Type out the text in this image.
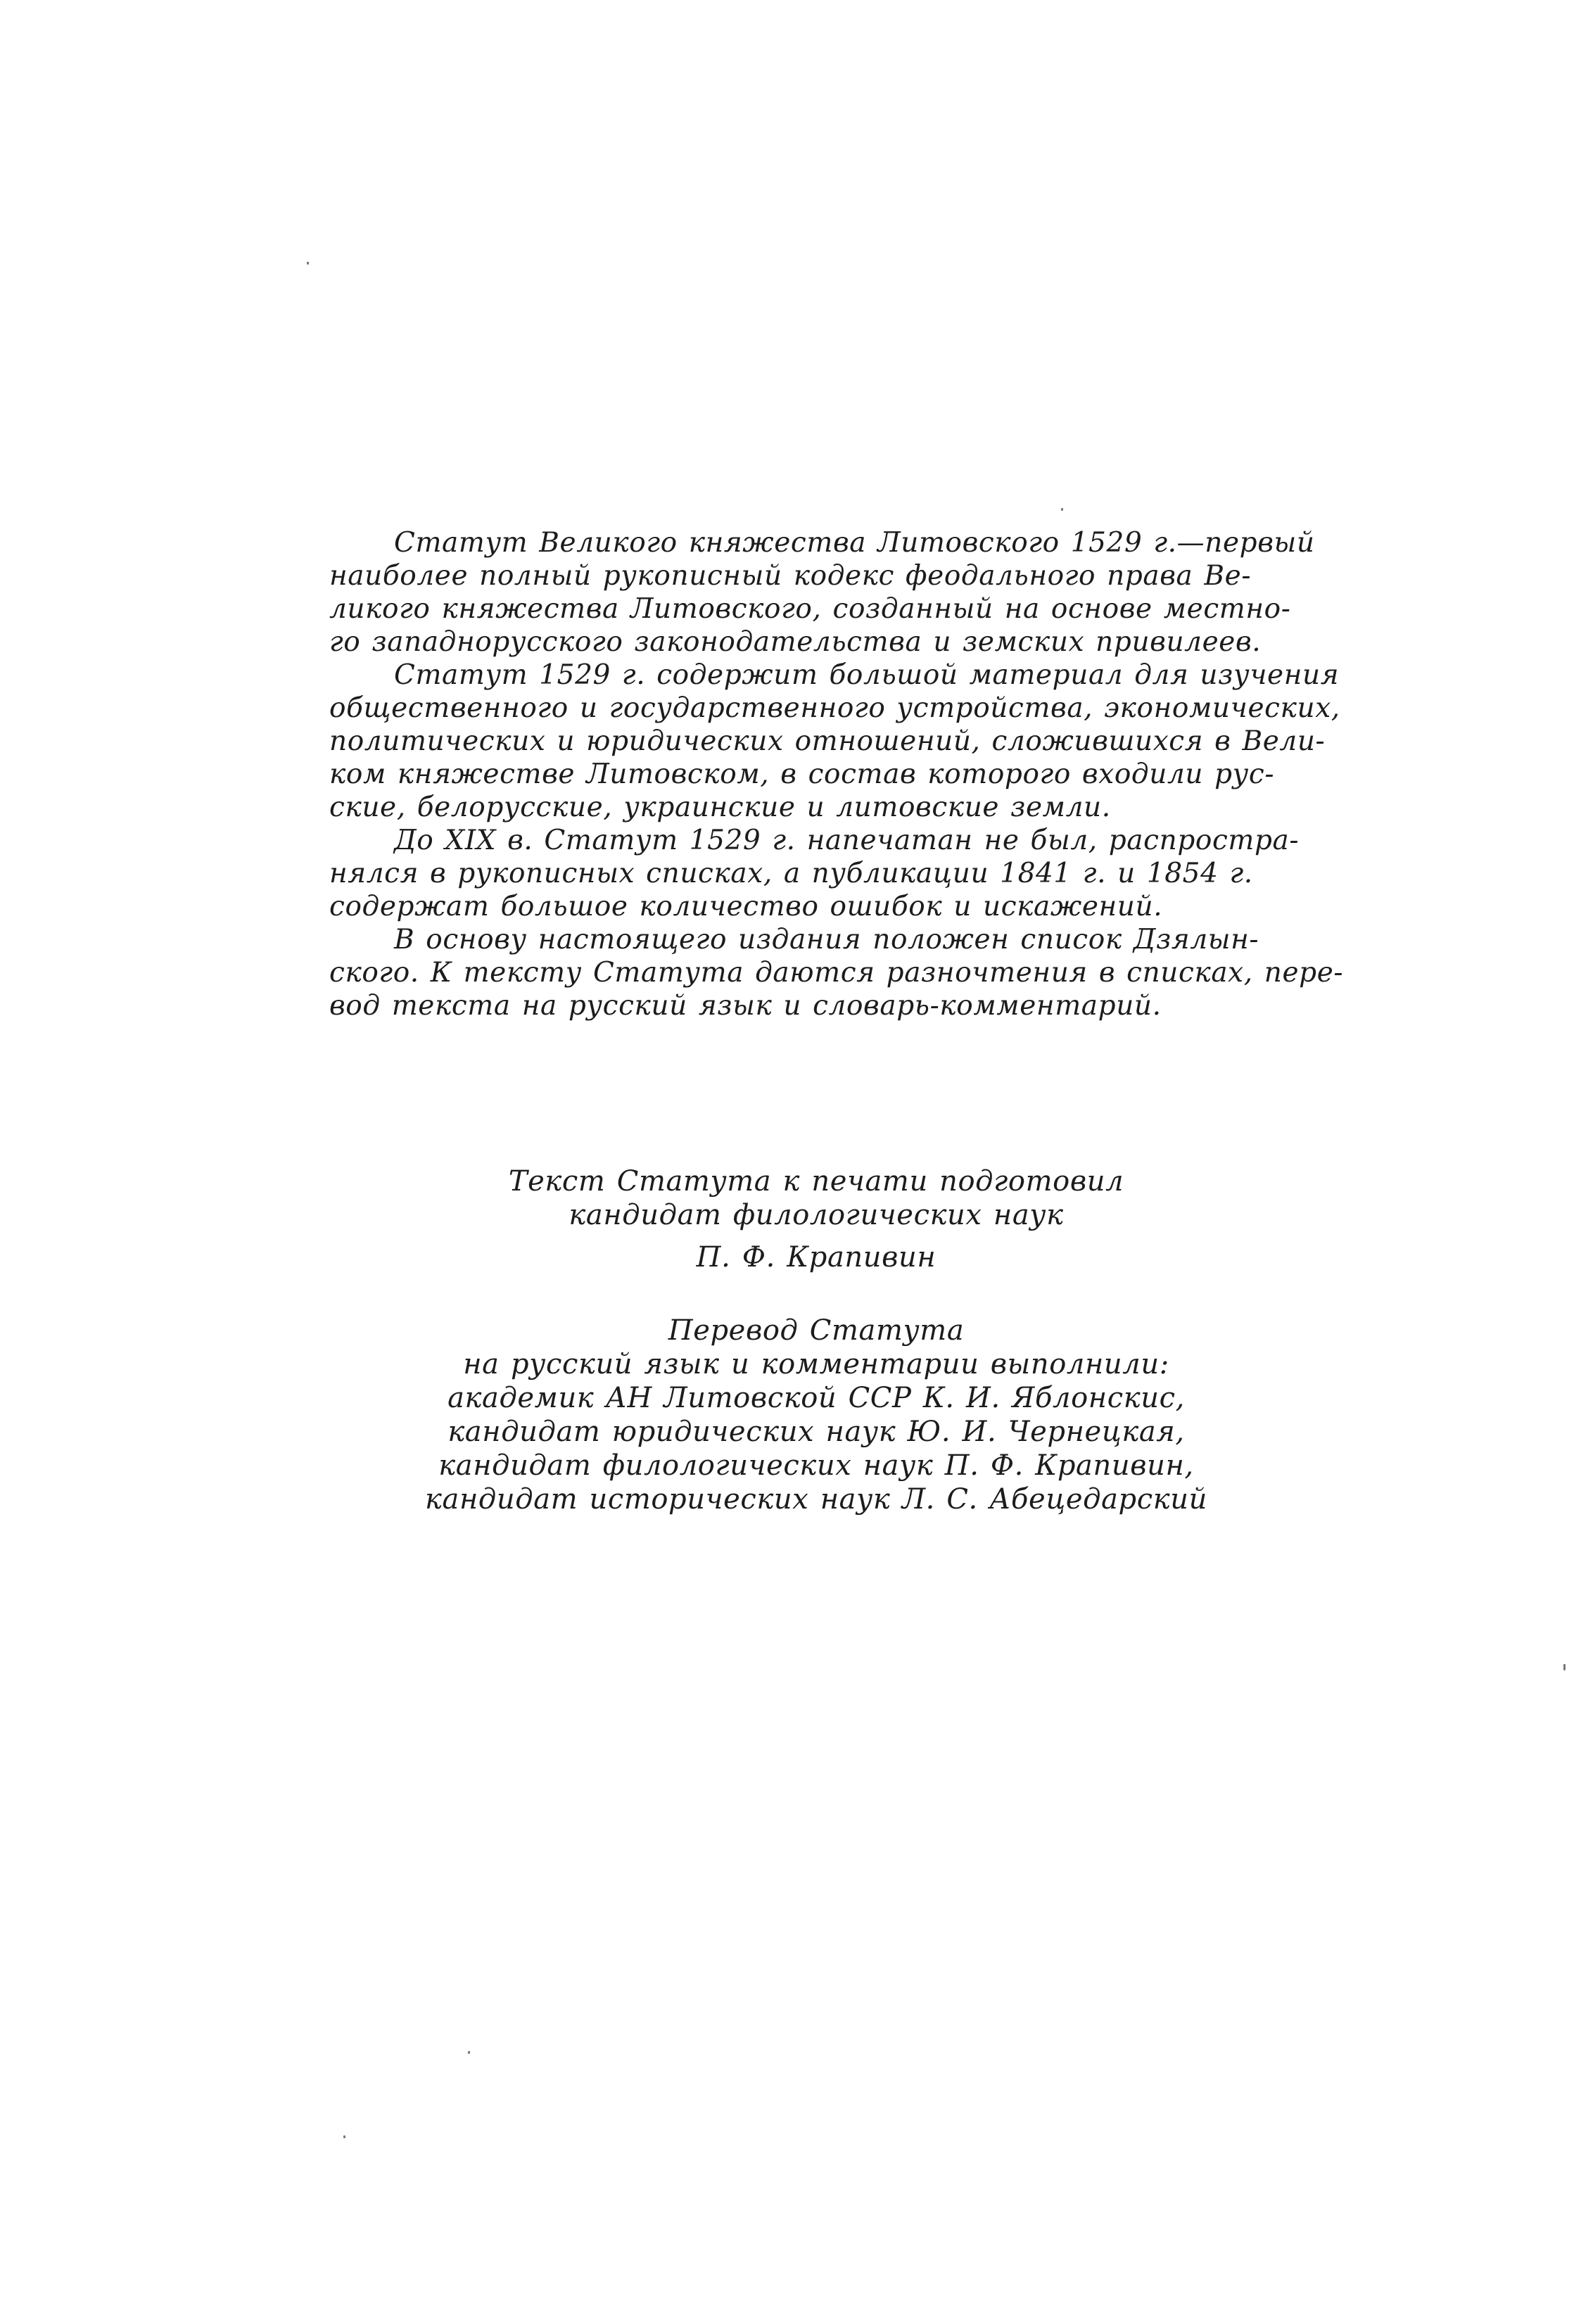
Статут Великого княжества Литовского 1529 г.—первый
наиболее полный рукописный кодекс феодального права Ве-
ликого княжества Литовского, созданный на основе местно-
го западнорусского законодательства и земских привилеев.
Статут 1529 г. содержит большой материал для изучения
общественного и государственного устройства, экономических,
политических и юридических отношений, сложившихся в Вели-
ком княжестве Литовском, в состав которого входили рус-
ские, белорусские, украинские и литовские земли.
До XIX в. Статут 1529 г. напечатан не был, распростра-
нялся в рукописных списках, а публикации 1841 г. и 1854 г.
содержат большое количество ошибок и искажений.
В основу настоящего издания положен список Дзялын-
ского. К тексту Статута даются разночтения в списках, пере-
вод текста на русский язык и словарь-комментарий.
Текст Статута к печати подготовил
кандидат филологических наук
П. Ф. Крапивин
Перевод Статута
на русский язык и комментарии выполнили:
академик АН Литовской ССР К. И. Яблонскис,
кандидат юридических наук Ю. И. Чернецкая,
кандидат филологических наук П. Ф. Крапивин,
кандидат исторических наук Л. С. Абецедарский
